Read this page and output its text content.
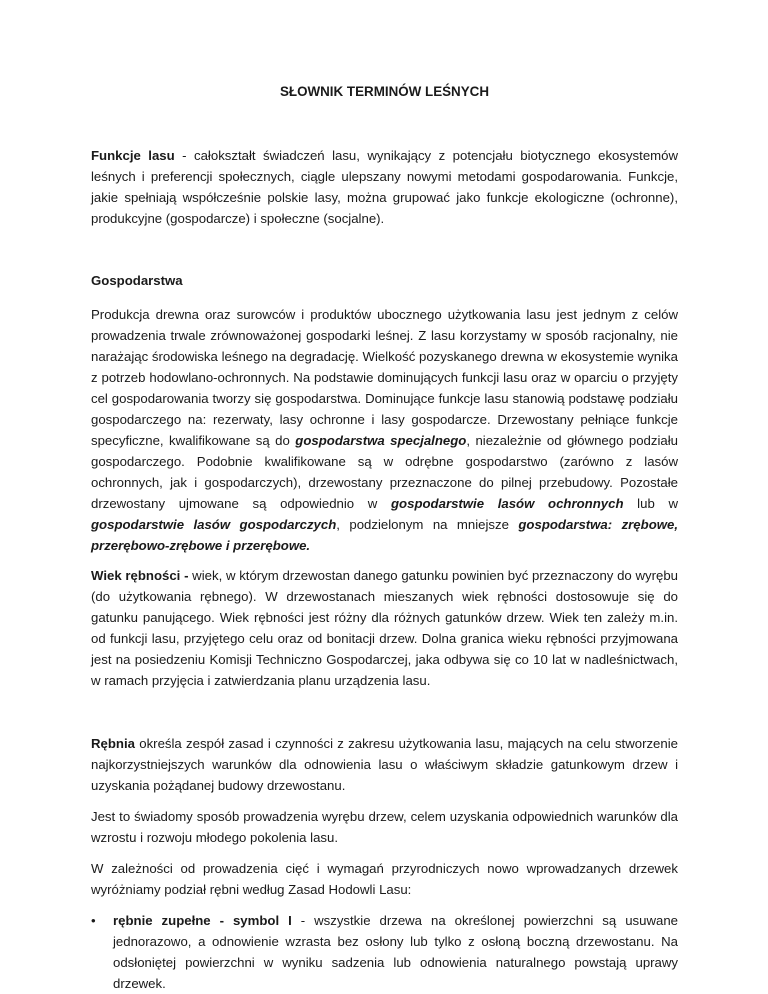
SŁOWNIK TERMINÓW LEŚNYCH

Funkcje lasu - całokształt świadczeń lasu, wynikający z potencjału biotycznego ekosystemów leśnych i preferencji społecznych, ciągle ulepszany nowymi metodami gospodarowania. Funkcje, jakie spełniają współcześnie polskie lasy, można grupować jako funkcje ekologiczne (ochronne), produkcyjne (gospodarcze) i społeczne (socjalne).

Gospodarstwa

Produkcja drewna oraz surowców i produktów ubocznego użytkowania lasu jest jednym z celów prowadzenia trwale zrównoważonej gospodarki leśnej. Z lasu korzystamy w sposób racjonalny, nie narażając środowiska leśnego na degradację. Wielkość pozyskanego drewna w ekosystemie wynika z potrzeb hodowlano-ochronnych. Na podstawie dominujących funkcji lasu oraz w oparciu o przyjęty cel gospodarowania tworzy się gospodarstwa. Dominujące funkcje lasu stanowią podstawę podziału gospodarczego na: rezerwaty, lasy ochronne i lasy gospodarcze. Drzewostany pełniące funkcje specyficzne, kwalifikowane są do gospodarstwa specjalnego, niezależnie od głównego podziału gospodarczego. Podobnie kwalifikowane są w odrębne gospodarstwo (zarówno z lasów ochronnych, jak i gospodarczych), drzewostany przeznaczone do pilnej przebudowy. Pozostałe drzewostany ujmowane są odpowiednio w gospodarstwie lasów ochronnych lub w gospodarstwie lasów gospodarczych, podzielonym na mniejsze gospodarstwa: zrębowe, przerębowo-zrębowe i przerębowe.

Wiek rębności - wiek, w którym drzewostan danego gatunku powinien być przeznaczony do wyrębu (do użytkowania rębnego). W drzewostanach mieszanych wiek rębności dostosowuje się do gatunku panującego. Wiek rębności jest różny dla różnych gatunków drzew. Wiek ten zależy m.in. od funkcji lasu, przyjętego celu oraz od bonitacji drzew. Dolna granica wieku rębności przyjmowana jest na posiedzeniu Komisji Techniczno Gospodarczej, jaka odbywa się co 10 lat w nadleśnictwach, w ramach przyjęcia i zatwierdzania planu urządzenia lasu.

Rębnia określa zespół zasad i czynności z zakresu użytkowania lasu, mających na celu stworzenie najkorzystniejszych warunków dla odnowienia lasu o właściwym składzie gatunkowym drzew i uzyskania pożądanej budowy drzewostanu.

Jest to świadomy sposób prowadzenia wyrębu drzew, celem uzyskania odpowiednich warunków dla wzrostu i rozwoju młodego pokolenia lasu.

W zależności od prowadzenia cięć i wymagań przyrodniczych nowo wprowadzanych drzewek wyróżniamy podział rębni według Zasad Hodowli Lasu:

• rębnie zupełne - symbol I - wszystkie drzewa na określonej powierzchni są usuwane jednorazowo, a odnowienie wzrasta bez osłony lub tylko z osłoną boczną drzewostanu. Na odsłoniętej powierzchni w wyniku sadzenia lub odnowienia naturalnego powstają uprawy drzewek.
